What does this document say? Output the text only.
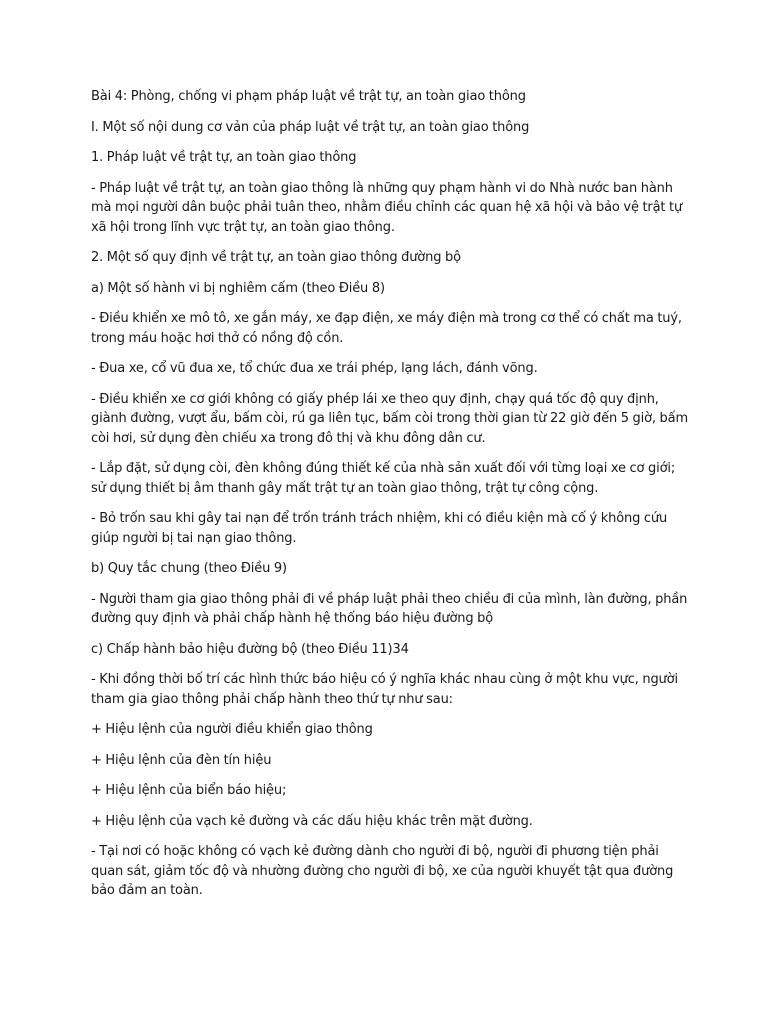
Bài 4: Phòng, chống vi phạm pháp luật về trật tự, an toàn giao thông

I. Một số nội dung cơ vản của pháp luật về trật tự, an toàn giao thông

1. Pháp luật về trật tự, an toàn giao thông

- Pháp luật về trật tự, an toàn giao thông là những quy phạm hành vi do Nhà nước ban hành mà mọi người dân buộc phải tuân theo, nhằm điều chỉnh các quan hệ xã hội và bảo vệ trật tự xã hội trong lĩnh vực trật tự, an toàn giao thông.

2. Một số quy định về trật tự, an toàn giao thông đường bộ

a) Một số hành vi bị nghiêm cấm (theo Điều 8)

- Điều khiển xe mô tô, xe gắn máy, xe đạp điện, xe máy điện mà trong cơ thể có chất ma tuý, trong máu hoặc hơi thở có nồng độ cồn.

- Đua xe, cổ vũ đua xe, tổ chức đua xe trái phép, lạng lách, đánh võng.

- Điều khiển xe cơ giới không có giấy phép lái xe theo quy định, chạy quá tốc độ quy định, giành đường, vượt ẩu, bấm còi, rú ga liên tục, bấm còi trong thời gian từ 22 giờ đến 5 giờ, bấm còi hơi, sử dụng đèn chiếu xa trong đô thị và khu đông dân cư.

- Lắp đặt, sử dụng còi, đèn không đúng thiết kế của nhà sản xuất đối với từng loại xe cơ giới; sử dụng thiết bị âm thanh gây mất trật tự an toàn giao thông, trật tự công cộng.

- Bỏ trốn sau khi gây tai nạn để trốn tránh trách nhiệm, khi có điều kiện mà cố ý không cứu giúp người bị tai nạn giao thông.

b) Quy tắc chung (theo Điều 9)

- Người tham gia giao thông phải đi về pháp luật phải theo chiều đi của mình, làn đường, phần đường quy định và phải chấp hành hệ thống báo hiệu đường bộ

c) Chấp hành bảo hiệu đường bộ (theo Điều 11)34

- Khi đồng thời bố trí các hình thức báo hiệu có ý nghĩa khác nhau cùng ở một khu vực, người tham gia giao thông phải chấp hành theo thứ tự như sau:

+ Hiệu lệnh của người điều khiển giao thông

+ Hiệu lệnh của đèn tín hiệu

+ Hiệu lệnh của biển báo hiệu;

+ Hiệu lệnh của vạch kẻ đường và các dấu hiệu khác trên mặt đường.

- Tại nơi có hoặc không có vạch kẻ đường dành cho người đi bộ, người đi phương tiện phải quan sát, giảm tốc độ và nhường đường cho người đi bộ, xe của người khuyết tật qua đường bảo đảm an toàn.
